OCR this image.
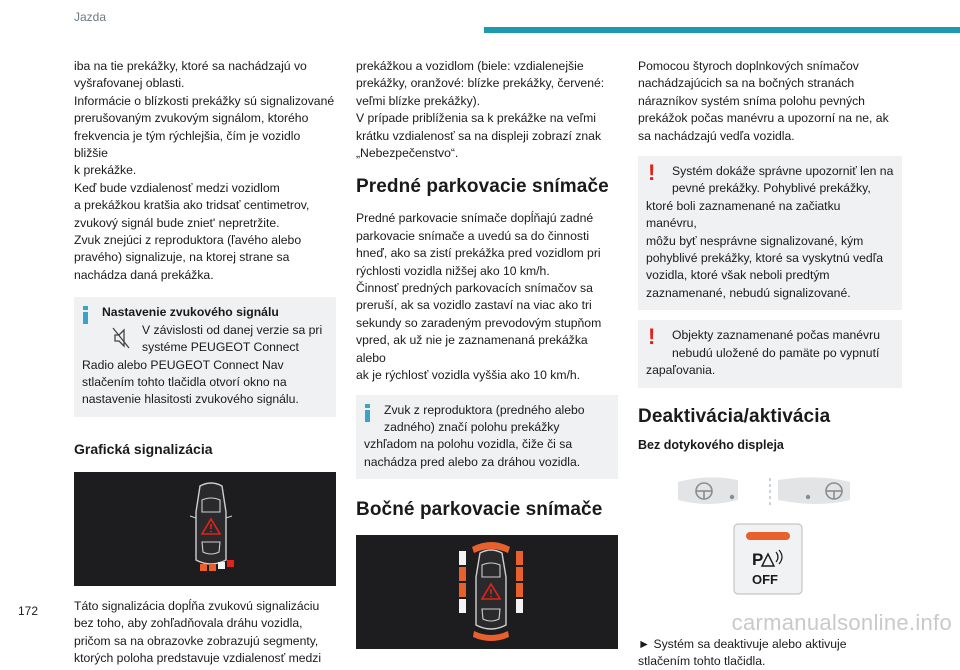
Jazda

iba na tie prekážky, ktoré sa nachádzajú vo
vyšrafovanej oblasti.

Informácie o blízkosti prekážky sú signalizované
prerušovaným zvukovým signálom, ktorého
frekvencia je tým rýchlejšia, čím je vozidlo bližšie
k prekážke.

Keď bude vzdialenosť medzi vozidlom
a prekážkou kratšia ako tridsať centimetrov,
zvukový signál bude zniet' nepretržite.

Zvuk znejúci z reproduktora (ľavého alebo
pravého) signalizuje, na ktorej strane sa
nachádza daná prekážka.

Nastavenie zvukového signálu

V závislosti od danej verzie sa pri
systéme PEUGEOT Connect

Radio alebo PEUGEOT Connect Nav
stlačením tohto tlačidla otvorí okno na
nastavenie hlasitosti zvukového signálu.

Grafická signalizácia

Táto signalizácia dopĺňa zvukovú signalizáciu
bez toho, aby zohľadňovala dráhu vozidla,
pričom sa na obrazovke zobrazujú segmenty,
ktorých poloha predstavuje vzdialenosť medzi

prekážkou a vozidlom (biele: vzdialenejšie
prekážky, oranžové: blízke prekážky, červené:
veľmi blízke prekážky).

V prípade priblíženia sa k prekážke na veľmi
krátku vzdialenosť sa na displeji zobrazí znak
„Nebezpečenstvo“.

Predné parkovacie snímače

Predné parkovacie snímače dopĺňajú zadné
parkovacie snímače a uvedú sa do činnosti
hneď, ako sa zistí prekážka pred vozidlom pri
rýchlosti vozidla nižšej ako 10 km/h.

Činnosť predných parkovacích snímačov sa
preruší, ak sa vozidlo zastaví na viac ako tri
sekundy so zaradeným prevodovým stupňom
vpred, ak už nie je zaznamenaná prekážka alebo
ak je rýchlosť vozidla vyššia ako 10 km/h.

Zvuk z reproduktora (predného alebo
zadného) značí polohu prekážky

vzhľadom na polohu vozidla, čiže či sa
nachádza pred alebo za dráhou vozidla.

Bočné parkovacie snímače

Pomocou štyroch doplnkových snímačov
nachádzajúcich sa na bočných stranách
nárazníkov systém sníma polohu pevných
prekážok počas manévru a upozorní na ne, ak
sa nachádzajú vedľa vozidla.

!	Systém dokáže správne upozorniť len na
pevné prekážky. Pohyblivé prekážky,

ktoré boli zaznamenané na začiatku manévru,
môžu byť nesprávne signalizované, kým
pohyblivé prekážky, ktoré sa vyskytnú vedľa
vozidla, ktoré však neboli predtým
zaznamenané, nebudú signalizované.

!	Objekty zaznamenané počas manévru
nebudú uložené do pamäte po vypnutí

zapaľovania.

Deaktivácia/aktivácia
Bez dotykového displeja
P
OFF

► Systém sa deaktivuje alebo aktivuje
stlačením tohto tlačidla.

172	carmanualsonline.info
